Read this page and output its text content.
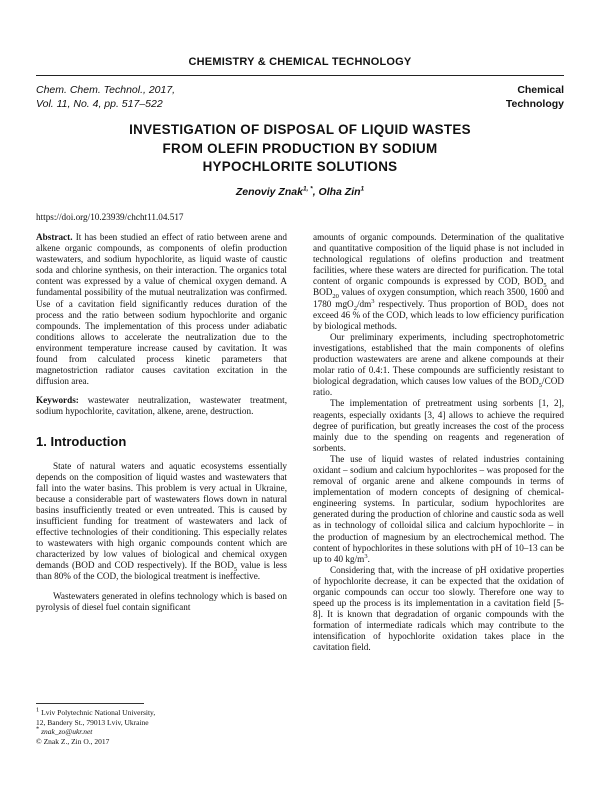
CHEMISTRY & CHEMICAL TECHNOLOGY
Chem. Chem. Technol., 2017,
Vol. 11, No. 4, pp. 517–522
Chemical
Technology
INVESTIGATION OF DISPOSAL OF LIQUID WASTES
FROM OLEFIN PRODUCTION BY SODIUM
HYPOCHLORITE SOLUTIONS
Zenoviy Znak$^{1, *}$, Olha Zin$^1$
https://doi.org/10.23939/chcht11.04.517

Abstract. It has been studied an effect of ratio between arene and alkene organic compounds, as components of olefin production wastewaters, and sodium hypochlorite, as liquid waste of caustic soda and chlorine synthesis, on their interaction. The organics total content was expressed by a value of chemical oxygen demand. A fundamental possibility of the mutual neutralization was confirmed. Use of a cavitation field significantly reduces duration of the process and the ratio between sodium hypochlorite and organic compounds. The implementation of this process under adiabatic conditions allows to accelerate the neutralization due to the environment temperature increase caused by cavitation. It was found from calculated process kinetic parameters that magnetostriction radiator causes cavitation excitation in the diffusion area.

Keywords: wastewater neutralization, wastewater treatment, sodium hypochlorite, cavitation, alkene, arene, destruction.

1. Introduction

State of natural waters and aquatic ecosystems essentially depends on the composition of liquid wastes and wastewaters that fall into the water basins. This problem is very actual in Ukraine, because a considerable part of wastewaters flows down in natural basins insufficiently treated or even untreated. This is caused by insufficient funding for treatment of wastewaters and lack of effective technologies of their conditioning. This especially relates to wastewaters with high organic compounds content which are characterized by low values of biological and chemical oxygen demands (BOD and COD respectively). If the $BOD_5$ value is less than 80% of the COD, the biological treatment is ineffective.

Wastewaters generated in olefins technology which is based on pyrolysis of diesel fuel contain significant

amounts of organic compounds. Determination of the qualitative and quantitative composition of the liquid phase is not included in technological regulations of olefins production and treatment facilities, where these waters are directed for purification. The total content of organic compounds is expressed by COD, $BOD_5$ and $BOD_{20}$ values of oxygen consumption, which reach 3500, 1600 and 1780 $mgO_2/dm^3$ respectively. Thus proportion of $BOD_5$ does not exceed 46 % of the COD, which leads to low efficiency purification by biological methods.

Our preliminary experiments, including spectrophotometric investigations, established that the main components of olefins production wastewaters are arene and alkene compounds at their molar ratio of 0.4:1. These compounds are sufficiently resistant to biological degradation, which causes low values of the $BOD_5$/COD ratio.

The implementation of pretreatment using sorbents [1, 2], reagents, especially oxidants [3, 4] allows to achieve the required degree of purification, but greatly increases the cost of the process mainly due to the spending on reagents and regeneration of sorbents.

The use of liquid wastes of related industries containing oxidant – sodium and calcium hypochlorites – was proposed for the removal of organic arene and alkene compounds in terms of implementation of modern concepts of designing of chemical-engineering systems. In particular, sodium hypochlorites are generated during the production of chlorine and caustic soda as well as in technology of colloidal silica and calcium hypochlorite – in the production of magnesium by an electrochemical method. The content of hypochlorites in these solutions with pH of 10–13 can be up to 40 $kg/m^3$.

Considering that, with the increase of pH oxidative properties of hypochlorite decrease, it can be expected that the oxidation of organic compounds can occur too slowly. Therefore one way to speed up the process is its implementation in a cavitation field [5-8]. It is known that degradation of organic compounds with the formation of intermediate radicals which may contribute to the intensification of hypochlorite oxidation takes place in the cavitation field.

$^1$ Lviv Polytechnic National University,
12, Bandery St., 79013 Lviv, Ukraine
* znak_zo@ukr.net
© Znak Z., Zin O., 2017
